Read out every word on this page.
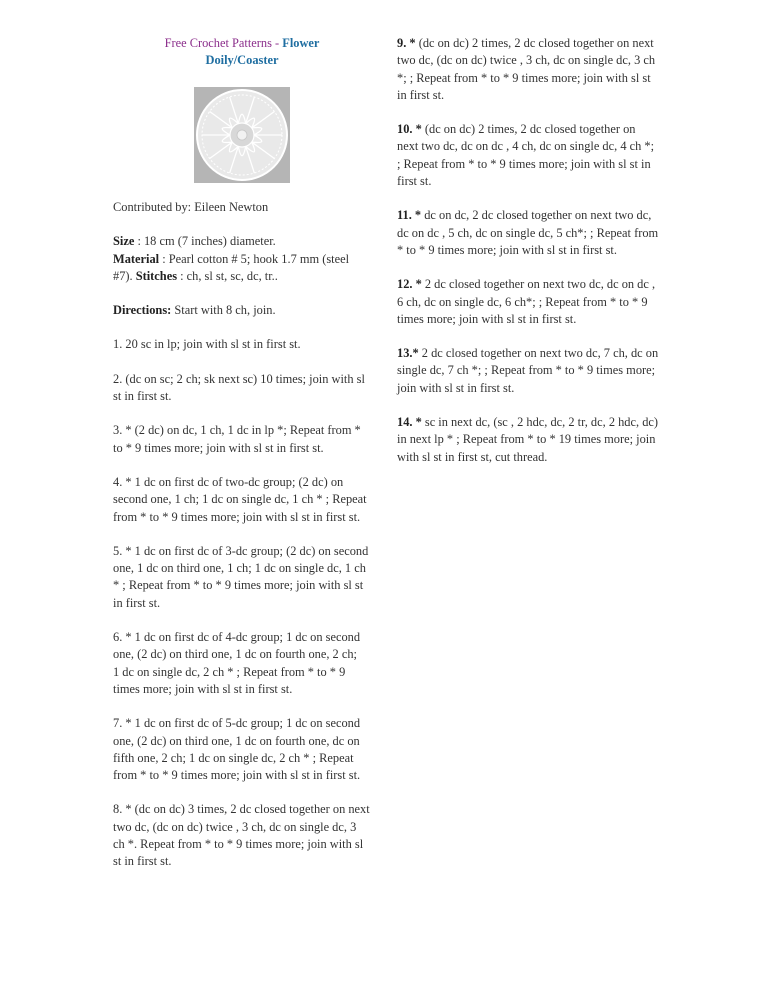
Free Crochet Patterns - Flower
Doily/Coaster

Contributed by: Eileen Newton

Size : 18 cm (7 inches) diameter.
Material : Pearl cotton # 5; hook 1.7 mm (steel #7). Stitches : ch, sl st, sc, dc, tr..

Directions: Start with 8 ch, join.

1. 20 sc in lp; join with sl st in first st.

2. (dc on sc; 2 ch; sk next sc) 10 times; join with sl st in first st.

3. * (2 dc) on dc, 1 ch, 1 dc in lp *; Repeat from * to * 9 times more; join with sl st in first st.

4. * 1 dc on first dc of two-dc group; (2 dc) on second one, 1 ch; 1 dc on single dc, 1 ch * ; Repeat from * to * 9 times more; join with sl st in first st.

5. * 1 dc on first dc of 3-dc group; (2 dc) on second one, 1 dc on third one, 1 ch; 1 dc on single dc, 1 ch * ; Repeat from * to * 9 times more; join with sl st in first st.

6. * 1 dc on first dc of 4-dc group; 1 dc on second one, (2 dc) on third one, 1 dc on fourth one, 2 ch;
1 dc on single dc, 2 ch * ; Repeat from * to * 9 times more; join with sl st in first st.

7. * 1 dc on first dc of 5-dc group; 1 dc on second one, (2 dc) on third one, 1 dc on fourth one, dc on fifth one, 2 ch; 1 dc on single dc, 2 ch * ; Repeat from * to * 9 times more; join with sl st in first st.

8. * (dc on dc) 3 times, 2 dc closed together on next two dc, (dc on dc) twice , 3 ch, dc on single dc, 3 ch *. Repeat from * to * 9 times more; join with sl st in first st.

9. * (dc on dc) 2 times, 2 dc closed together on next two dc, (dc on dc) twice , 3 ch, dc on single dc, 3 ch *; ; Repeat from * to * 9 times more; join with sl st in first st.

10. * (dc on dc) 2 times, 2 dc closed together on next two dc, dc on dc , 4 ch, dc on single dc, 4 ch *; ; Repeat from * to * 9 times more; join with sl st in first st.

11. * dc on dc, 2 dc closed together on next two dc, dc on dc , 5 ch, dc on single dc, 5 ch*; ; Repeat from * to * 9 times more; join with sl st in first st.

12. * 2 dc closed together on next two dc, dc on dc , 6 ch, dc on single dc, 6 ch*; ; Repeat from * to * 9 times more; join with sl st in first st.

13.* 2 dc closed together on next two dc, 7 ch, dc on single dc, 7 ch *; ; Repeat from * to * 9 times more; join with sl st in first st.

14. * sc in next dc, (sc , 2 hdc, dc, 2 tr, dc, 2 hdc, dc) in next lp * ; Repeat from * to * 19 times more; join with sl st in first st, cut thread.
